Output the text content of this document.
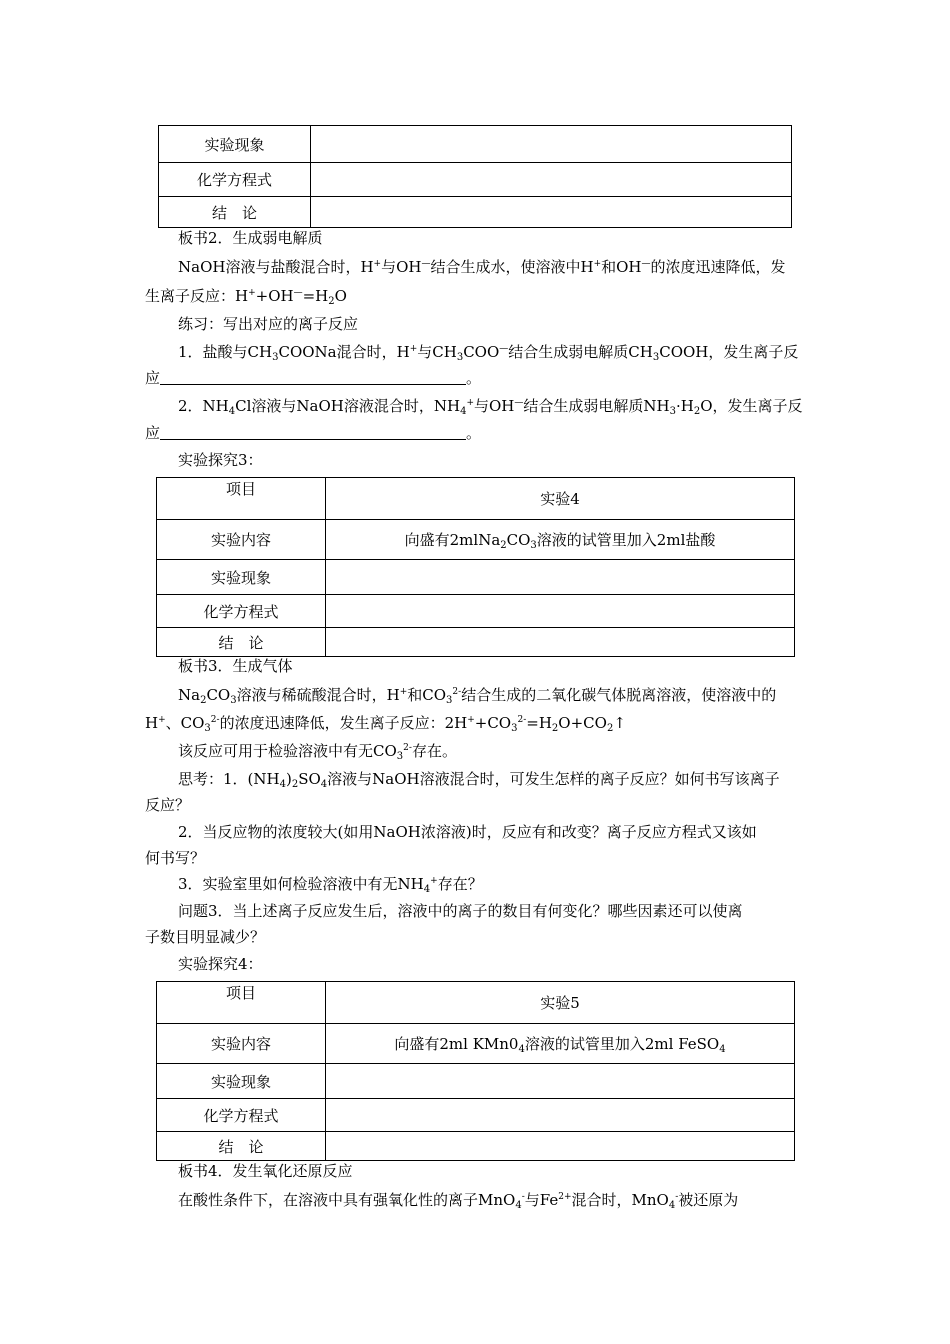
实验现象	
化学方程式	
结　论	
板书2．生成弱电解质
NaOH溶液与盐酸混合时，H+与OH—结合生成水，使溶液中H+和OH—的浓度迅速降低，发
生离子反应：$H^++OH^—=H_2O$
练习：写出对应的离子反应
1．盐酸与$CH_3COONa$混合时，H+与$CH_3COO^—$结合生成弱电解质$CH_3COOH$，发生离子反
应	。
2．$NH_4Cl$溶液与NaOH溶液混合时，$NH_4^+$与OH—结合生成弱电解质$NH_3\cdot H_2O$，发生离子反
应	。
实验探究3：
项目	实验4
实验内容	向盛有$2mlNa_2CO_3$溶液的试管里加入2ml盐酸
实验现象	
化学方程式	
结　论	
板书3．生成气体
$Na_2CO_3$溶液与稀硫酸混合时，H+和$CO_3^{2-}$结合生成的二氧化碳气体脱离溶液，使溶液中的
H+、$CO_3^{2-}$的浓度迅速降低，发生离子反应：$2H^++CO_3^{2-}=H_2O+CO_2↑$
该反应可用于检验溶液中有无$CO_3^{2-}$存在。
思考：1．$(NH_4)_2SO_4$溶液与NaOH溶液混合时，可发生怎样的离子反应？如何书写该离子
反应？
2．当反应物的浓度较大(如用NaOH浓溶液)时，反应有和改变？离子反应方程式又该如
何书写？
3．实验室里如何检验溶液中有无$NH_4^+$存在？
问题3．当上述离子反应发生后，溶液中的离子的数目有何变化？哪些因素还可以使离
子数目明显减少？
实验探究4：
项目	实验5
实验内容	向盛有2ml $KMn0_4$溶液的试管里加入2ml FeSO$_4$
实验现象	
化学方程式	
结　论	
板书4．发生氧化还原反应
在酸性条件下，在溶液中具有强氧化性的离子MnO$_4$-与$Fe^{2+}$混合时，MnO$_4$-被还原为
